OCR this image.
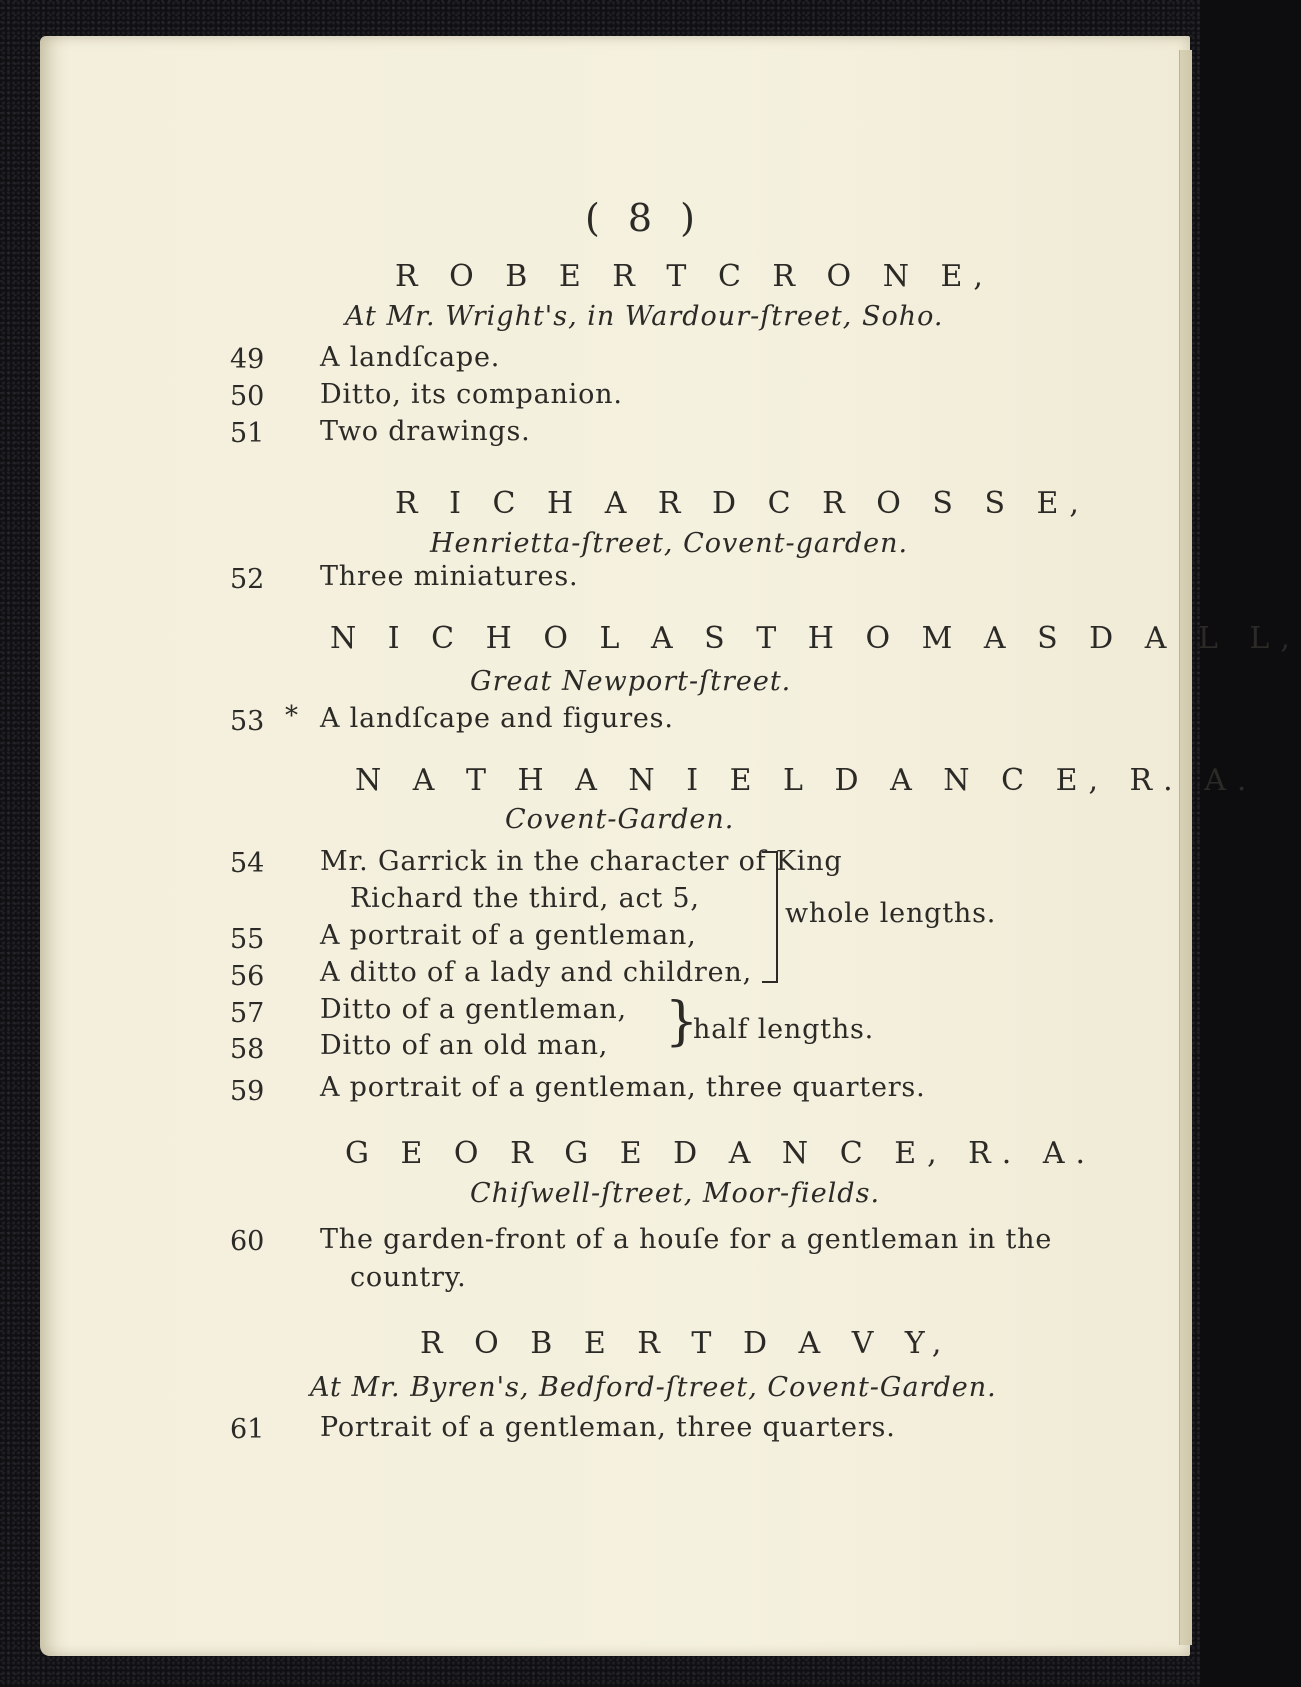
( 8 )
R O B E R T C R O N E,
At Mr. Wright's, in Wardour-ſtreet, Soho.
49 A landſcape.
50 Ditto, its companion.
51 Two drawings.
R I C H A R D C R O S S E,
Henrietta-ſtreet, Covent-garden.
52 Three miniatures.
N I C H O L A S T H O M A S D A L L,
Great Newport-ſtreet.
53 * A landſcape and figures.
N A T H A N I E L D A N C E, R. A.
Covent-Garden.
54 Mr. Garrick in the character of King
Richard the third, act 5,
55 A portrait of a gentleman,
56 A ditto of a lady and children,
whole lengths.
57 Ditto of a gentleman,
58 Ditto of an old man, }
half lengths.
59 A portrait of a gentleman, three quarters.
G E O R G E D A N C E, R. A.
Chiſwell-ſtreet, Moor-fields.
60 The garden-front of a houſe for a gentleman in the
country.
R O B E R T D A V Y,
At Mr. Byren's, Bedford-ſtreet, Covent-Garden.
61 Portrait of a gentleman, three quarters.
